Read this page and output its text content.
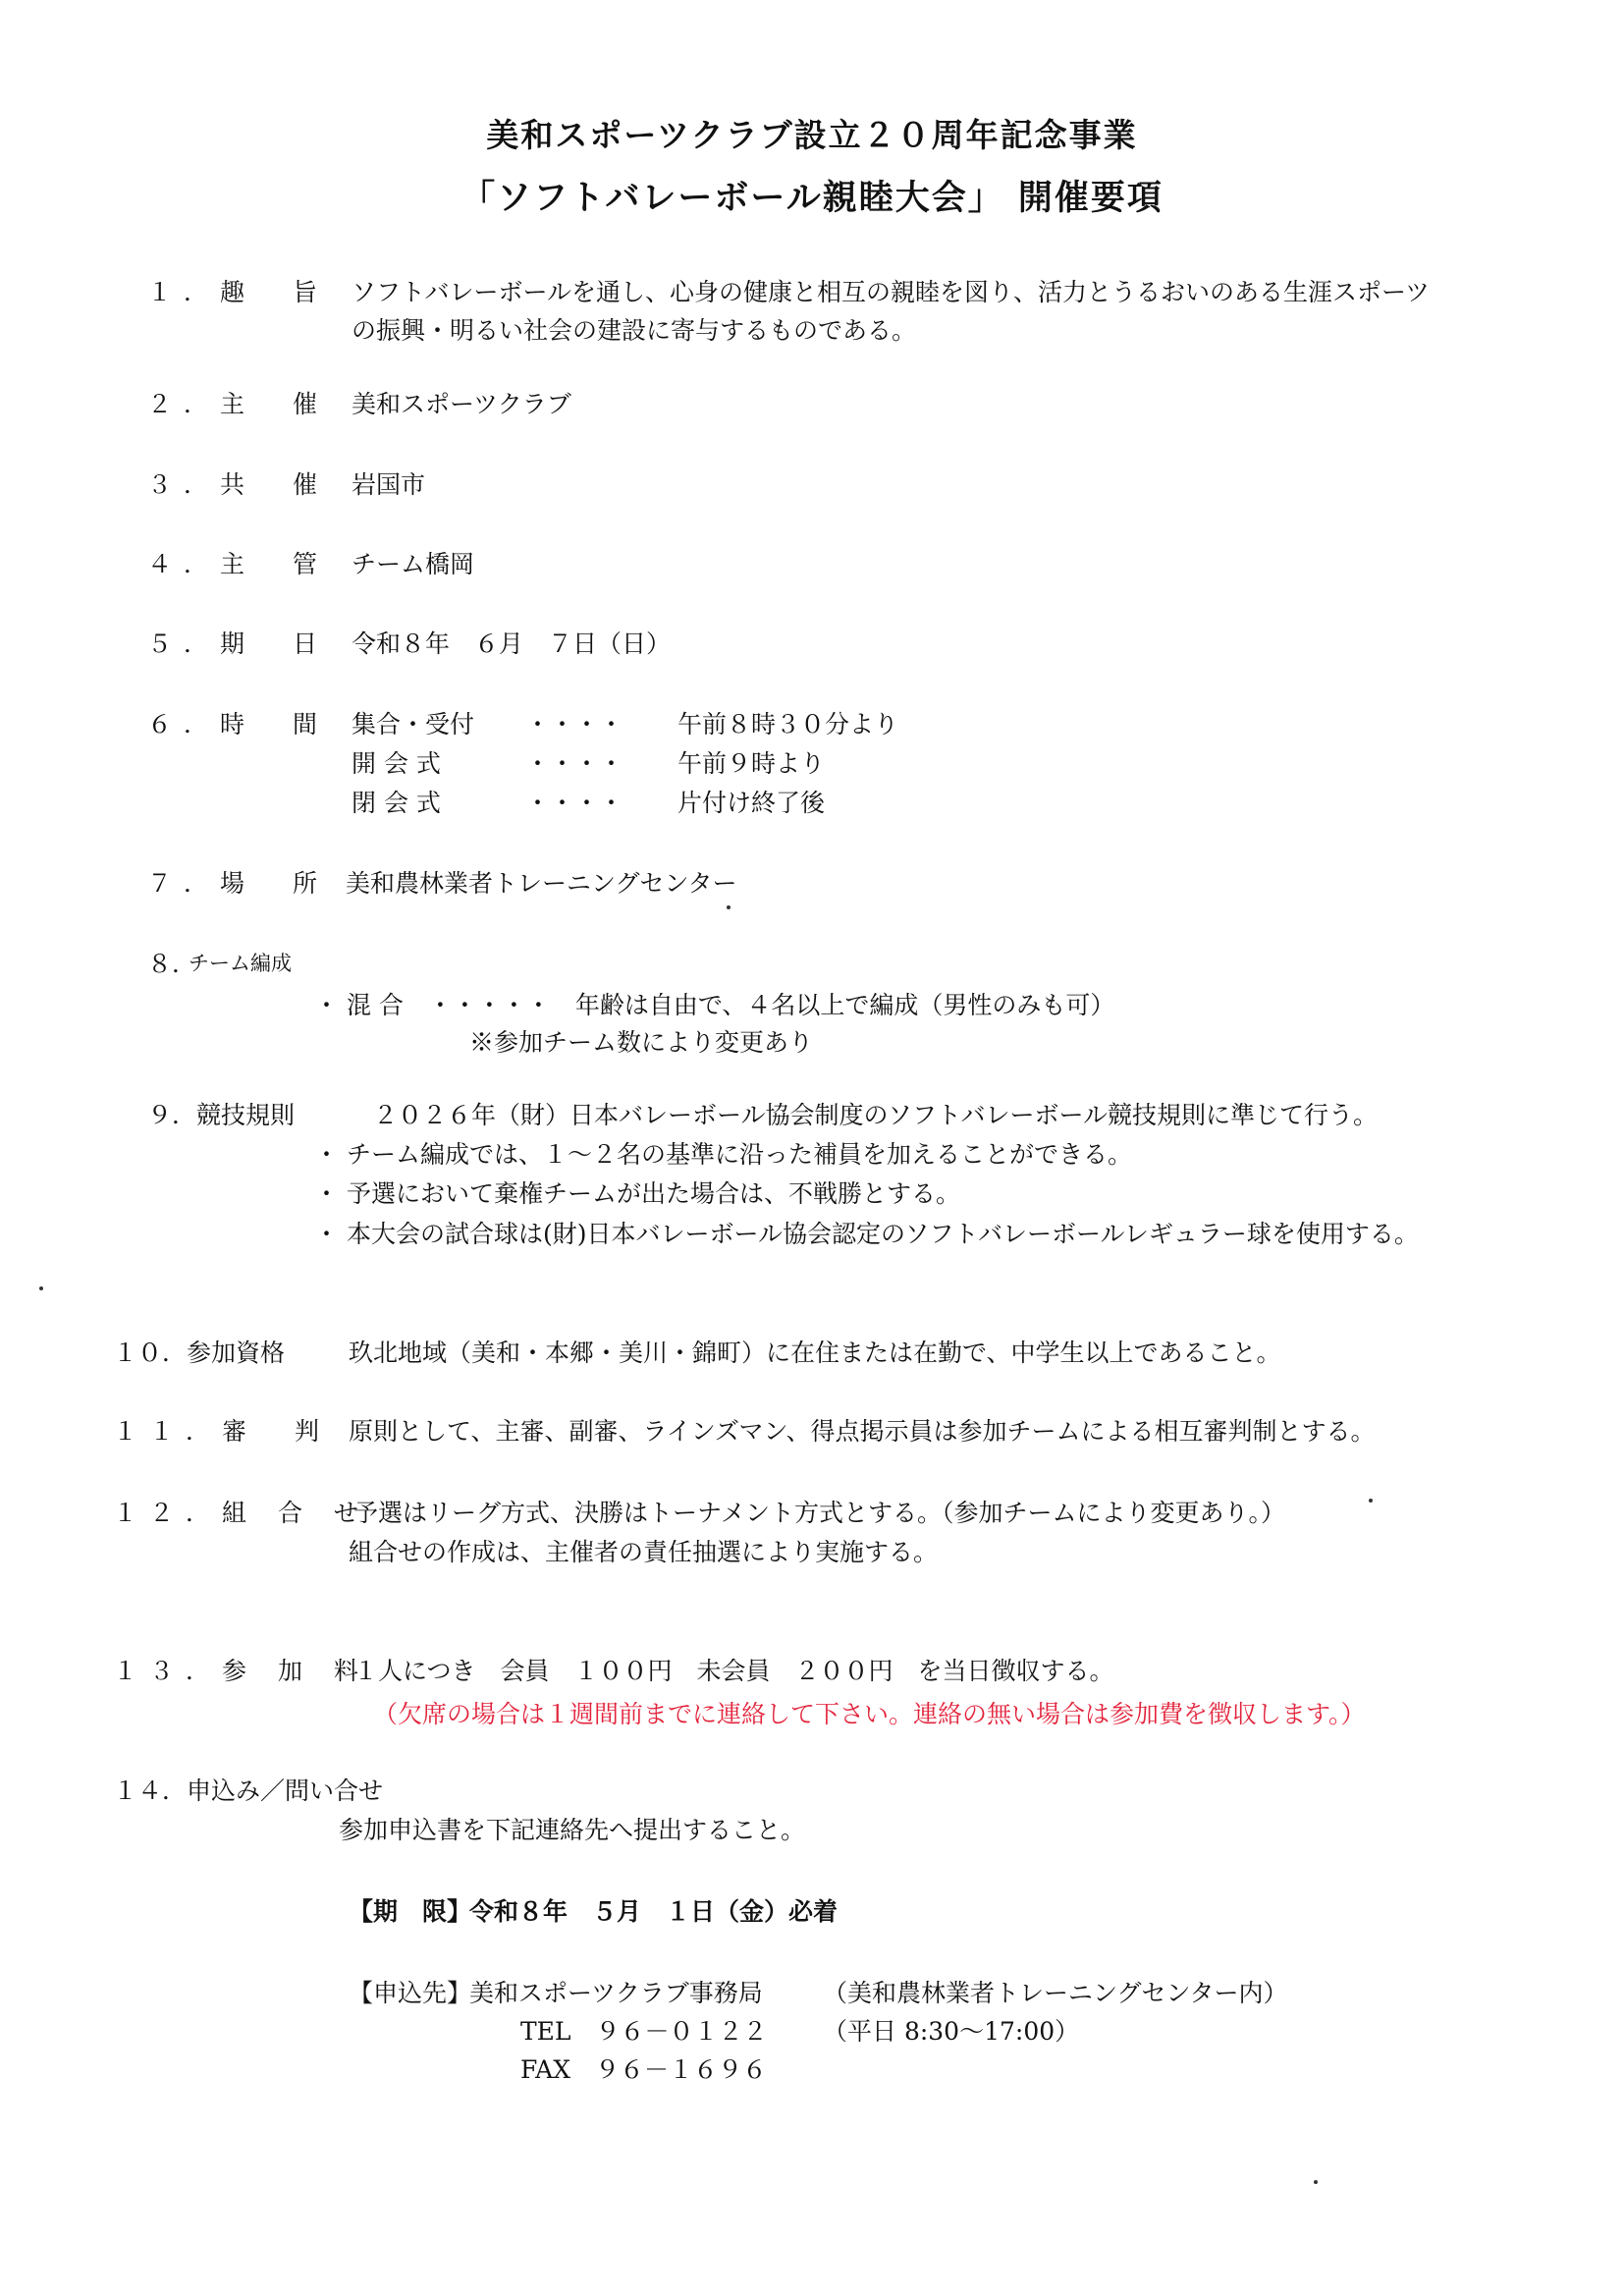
美和スポーツクラブ設立２０周年記念事業
「ソフトバレーボール親睦大会」 開催要項
１．趣　旨 ソフトバレーボールを通し、心身の健康と相互の親睦を図り、活力とうるおいのある生涯スポーツ
の振興・明るい社会の建設に寄与するものである。
２．主　催 美和スポーツクラブ
３．共　催 岩国市
４．主　管 チーム橋岡
５．期　日 令和８年　６月　７日（日）
６．時　間 集合・受付 ・・・・ 午前８時３０分より
開 会 式	・・・・ 午前９時より
閉 会 式	・・・・ 片付け終了後
７．場　所 美和農林業者トレーニングセンター
８．
チーム編成
・ 混 合　・・・・・　年齢は自由で、４名以上で編成（男性のみも可）
※参加チーム数により変更あり
９．競技規則	２０２６年（財）日本バレーボール協会制度のソフトバレーボール競技規則に準じて行う。
・ チーム編成では、１～２名の基準に沿った補員を加えることができる。
・ 予選において棄権チームが出た場合は、不戦勝とする。
・ 本大会の試合球は(財)日本バレーボール協会認定のソフトバレーボールレギュラー球を使用する。
１０．参加資格	玖北地域（美和・本郷・美川・錦町）に在住または在勤で、中学生以上であること。
１１．審　判 原則として、主審、副審、ラインズマン、得点掲示員は参加チームによる相互審判制とする。
１２．組 合 せ
予選はリーグ方式、決勝はトーナメント方式とする。（参加チームにより変更あり。）
組合せの作成は、主催者の責任抽選により実施する。
１３．参 加 料
１人につき　会員　１００円　未会員　２００円　を当日徴収する。
（欠席の場合は１週間前までに連絡して下さい。連絡の無い場合は参加費を徴収します。）
１４．申込み／問い合せ
参加申込書を下記連絡先へ提出すること。
【期　限】
令和８年　５月　１日（金）必着
【申込先】
美和スポーツクラブ事務局 （美和農林業者トレーニングセンター内）
TEL　９６－０１２２ （平日 8:30～17:00）
FAX　９６－１６９６
